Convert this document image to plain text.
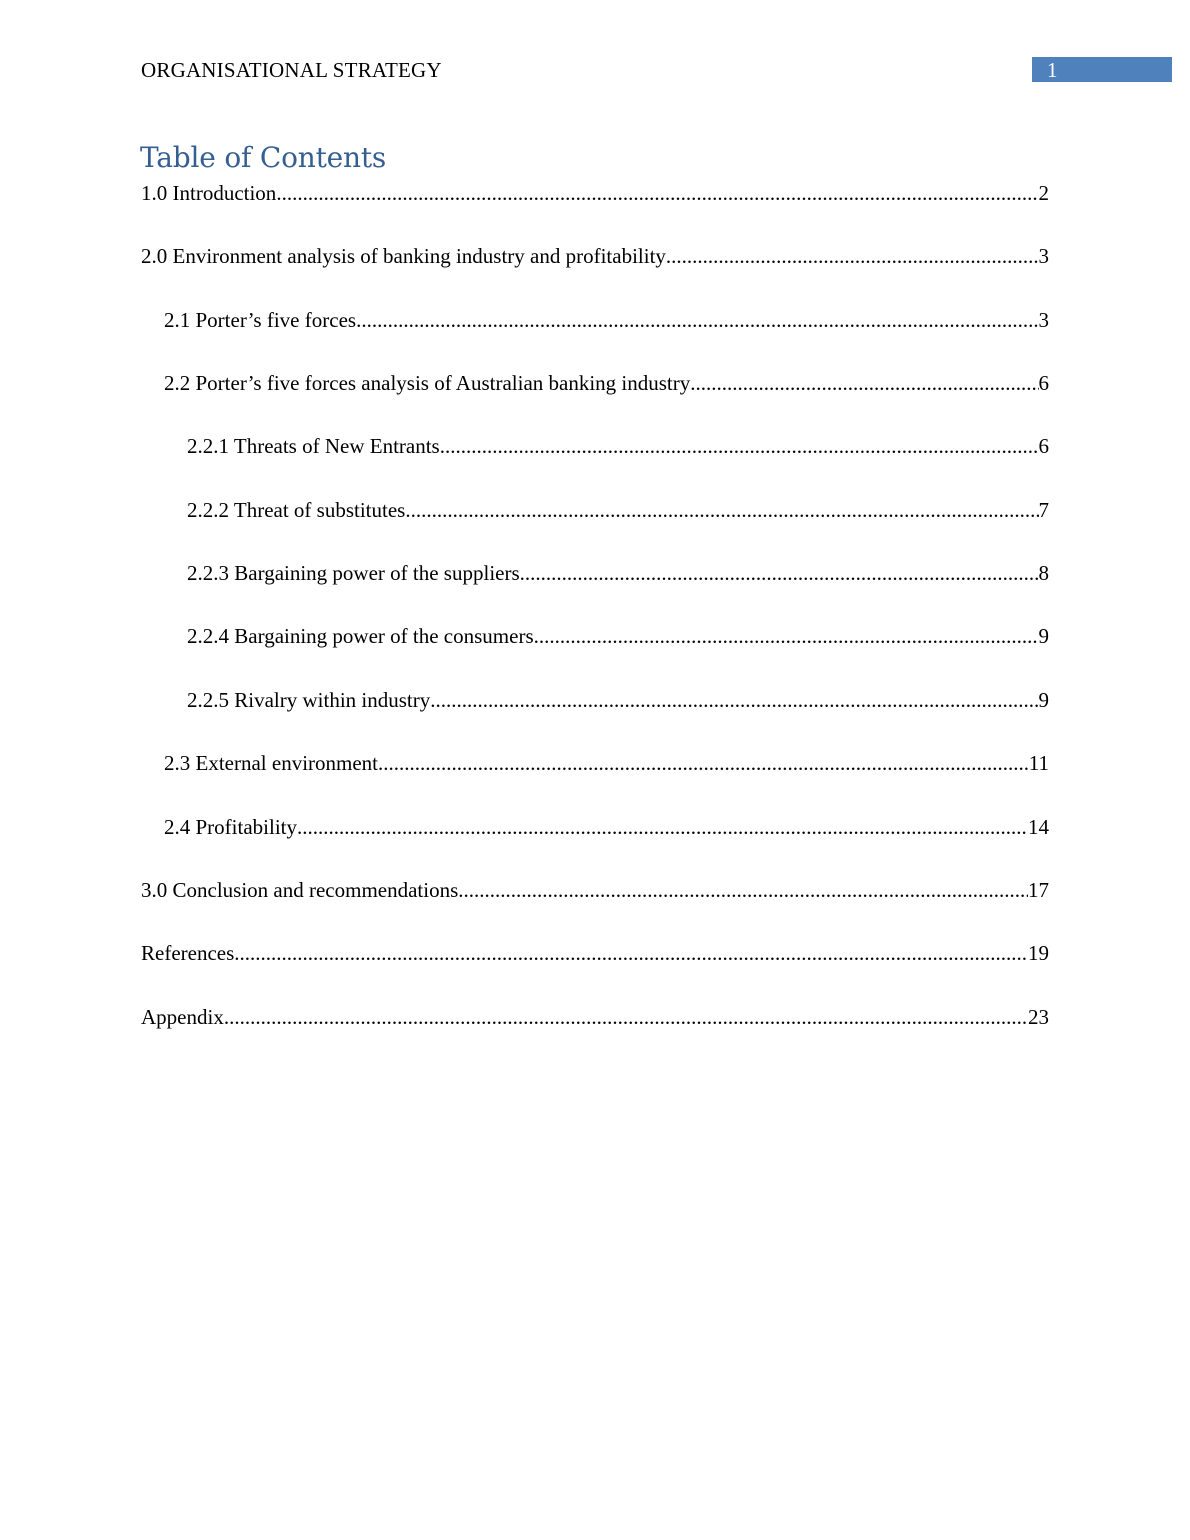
ORGANISATIONAL STRATEGY	1
Table of Contents
1.0 Introduction .....	2
2.0 Environment analysis of banking industry and profitability .....	3
2.1 Porter’s five forces .....	3
2.2 Porter’s five forces analysis of Australian banking industry .....	6
2.2.1 Threats of New Entrants .....	6
2.2.2 Threat of substitutes .....	7
2.2.3 Bargaining power of the suppliers .....	8
2.2.4 Bargaining power of the consumers .....	9
2.2.5 Rivalry within industry .....	9
2.3 External environment .....	11
2.4 Profitability .....	14
3.0 Conclusion and recommendations .....	17
References .....	19
Appendix .....	23
